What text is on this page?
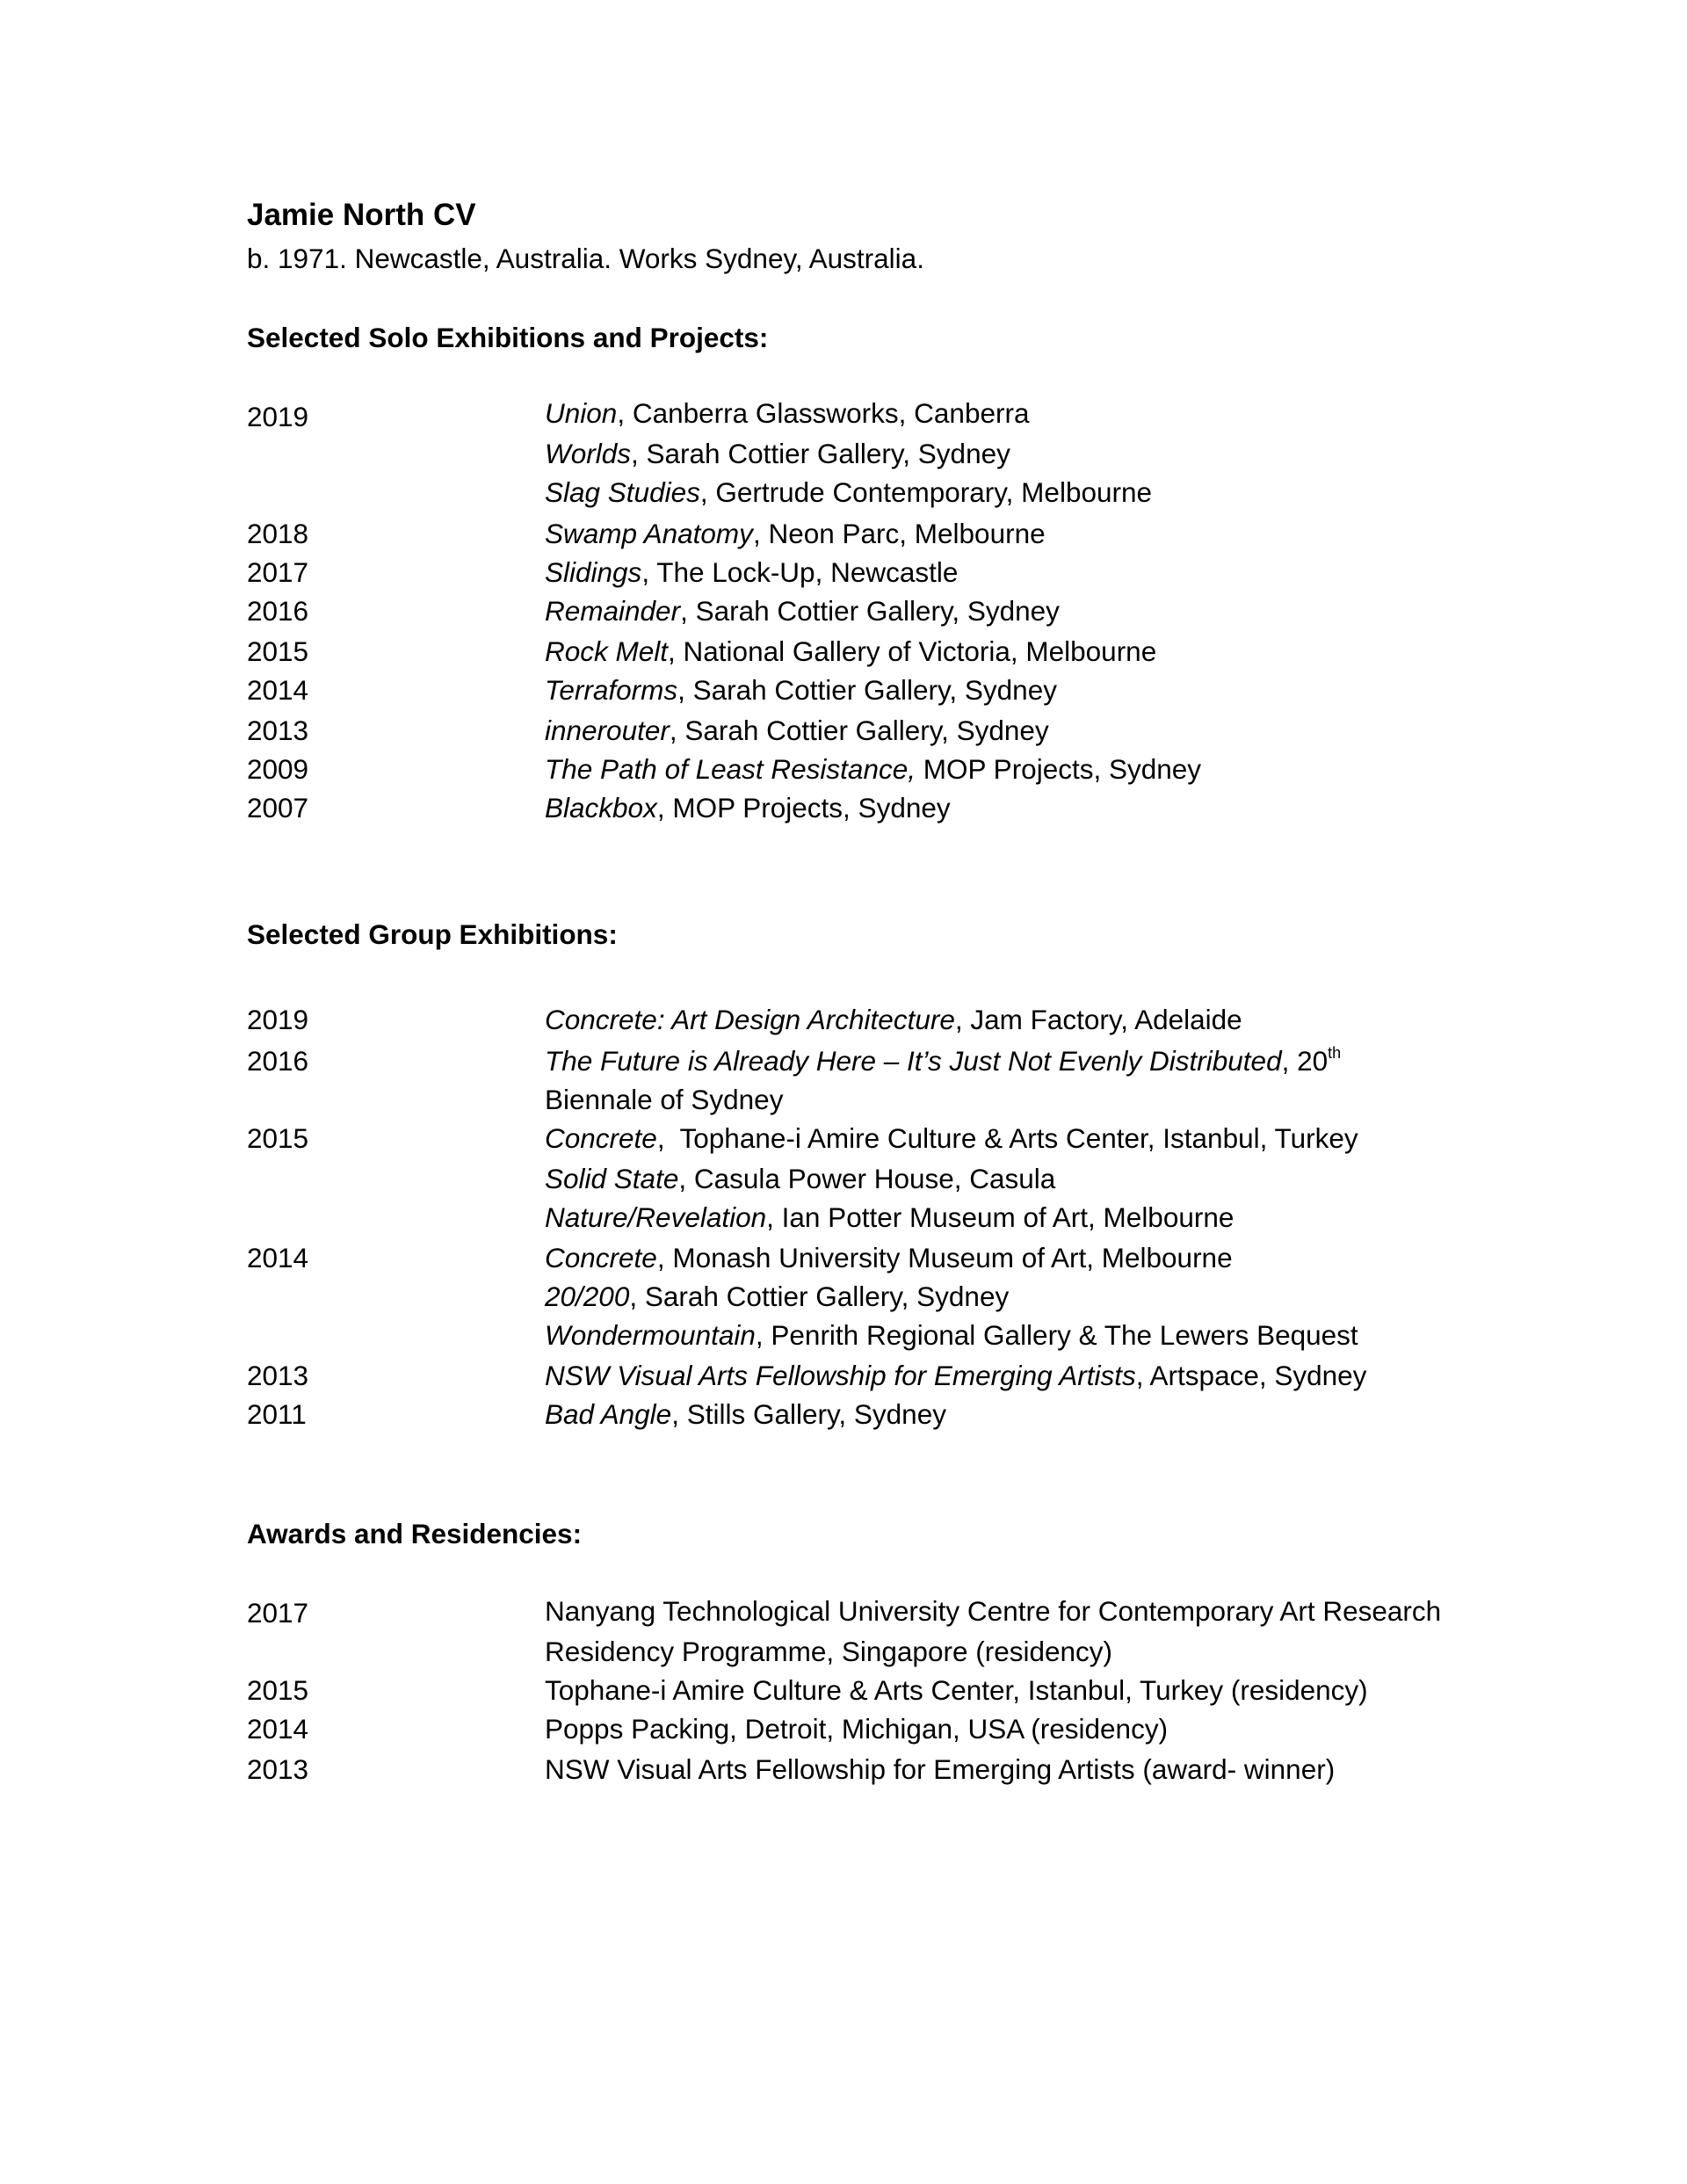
Jamie North CV
b. 1971. Newcastle, Australia. Works Sydney, Australia.
Selected Solo Exhibitions and Projects:
2019	Union, Canberra Glassworks, Canberra
Worlds, Sarah Cottier Gallery, Sydney
Slag Studies, Gertrude Contemporary, Melbourne
2018	Swamp Anatomy, Neon Parc, Melbourne
2017	Slidings, The Lock-Up, Newcastle
2016	Remainder, Sarah Cottier Gallery, Sydney
2015	Rock Melt, National Gallery of Victoria, Melbourne
2014	Terraforms, Sarah Cottier Gallery, Sydney
2013	innerouter, Sarah Cottier Gallery, Sydney
2009	The Path of Least Resistance, MOP Projects, Sydney
2007	Blackbox, MOP Projects, Sydney
Selected Group Exhibitions:
2019	Concrete: Art Design Architecture, Jam Factory, Adelaide
2016	The Future is Already Here – It’s Just Not Evenly Distributed, 20th
Biennale of Sydney
2015	Concrete,  Tophane-i Amire Culture & Arts Center, Istanbul, Turkey
Solid State, Casula Power House, Casula
Nature/Revelation, Ian Potter Museum of Art, Melbourne
2014	Concrete, Monash University Museum of Art, Melbourne
20/200, Sarah Cottier Gallery, Sydney
Wondermountain, Penrith Regional Gallery & The Lewers Bequest
2013	NSW Visual Arts Fellowship for Emerging Artists, Artspace, Sydney
2011	Bad Angle, Stills Gallery, Sydney
Awards and Residencies:
2017	Nanyang Technological University Centre for Contemporary Art Research
Residency Programme, Singapore (residency)
2015	Tophane-i Amire Culture & Arts Center, Istanbul, Turkey (residency)
2014	Popps Packing, Detroit, Michigan, USA (residency)
2013	NSW Visual Arts Fellowship for Emerging Artists (award- winner)
